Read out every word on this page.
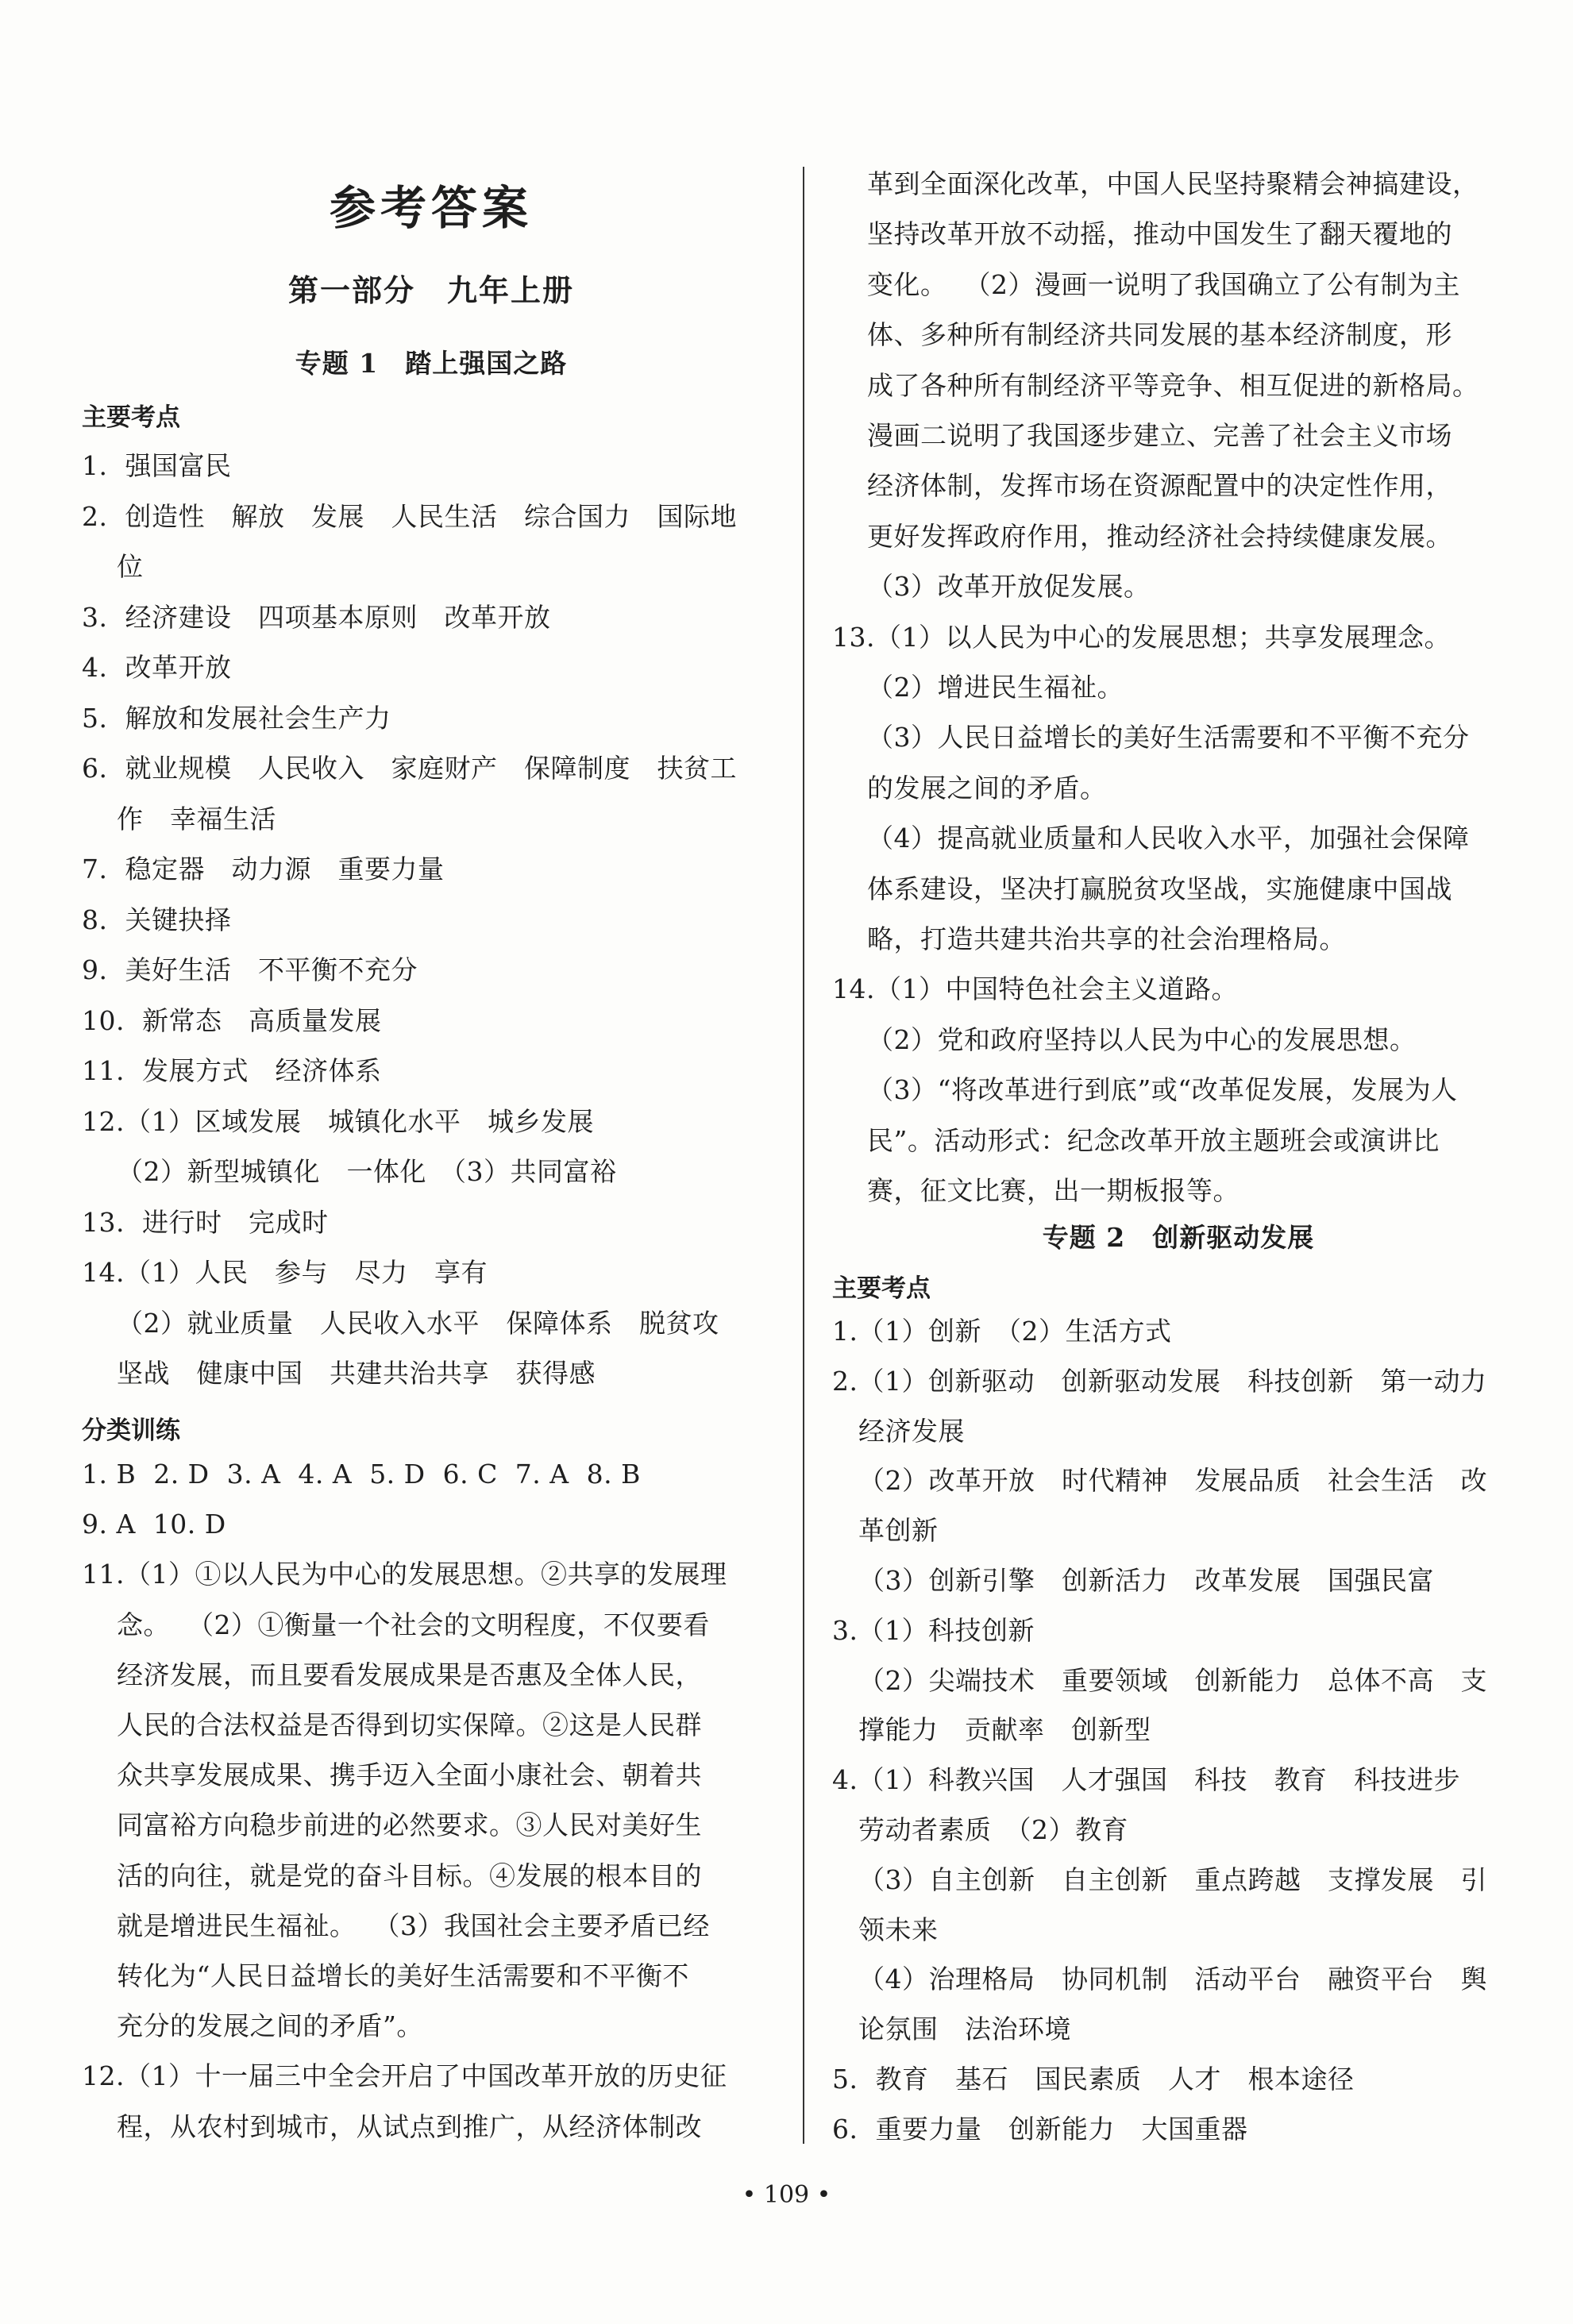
参考答案
第一部分　九年上册
专题 1　踏上强国之路
主要考点
1.  强国富民
2.  创造性　解放　发展　人民生活　综合国力　国际地
位
3.  经济建设　四项基本原则　改革开放
4.  改革开放
5.  解放和发展社会生产力
6.  就业规模　人民收入　家庭财产　保障制度　扶贫工
作　幸福生活
7.  稳定器　动力源　重要力量
8.  关键抉择
9.  美好生活　不平衡不充分
10.  新常态　高质量发展
11.  发展方式　经济体系
12.（1）区域发展　城镇化水平　城乡发展
（2）新型城镇化　一体化　（3）共同富裕
13.  进行时　完成时
14.（1）人民　参与　尽力　享有
（2）就业质量　人民收入水平　保障体系　脱贫攻
坚战　健康中国　共建共治共享　获得感
分类训练
1. B  2. D  3. A  4. A  5. D  6. C  7. A  8. B
9. A  10. D
11.（1）①以人民为中心的发展思想。②共享的发展理
念。  （2）①衡量一个社会的文明程度，不仅要看
经济发展，而且要看发展成果是否惠及全体人民，
人民的合法权益是否得到切实保障。②这是人民群
众共享发展成果、携手迈入全面小康社会、朝着共
同富裕方向稳步前进的必然要求。③人民对美好生
活的向往，就是党的奋斗目标。④发展的根本目的
就是增进民生福祉。  （3）我国社会主要矛盾已经
转化为“人民日益增长的美好生活需要和不平衡不
充分的发展之间的矛盾”。
12.（1）十一届三中全会开启了中国改革开放的历史征
程，从农村到城市，从试点到推广，从经济体制改
革到全面深化改革，中国人民坚持聚精会神搞建设，
坚持改革开放不动摇，推动中国发生了翻天覆地的
变化。  （2）漫画一说明了我国确立了公有制为主
体、多种所有制经济共同发展的基本经济制度，形
成了各种所有制经济平等竞争、相互促进的新格局。
漫画二说明了我国逐步建立、完善了社会主义市场
经济体制，发挥市场在资源配置中的决定性作用，
更好发挥政府作用，推动经济社会持续健康发展。
（3）改革开放促发展。
13.（1）以人民为中心的发展思想；共享发展理念。
（2）增进民生福祉。
（3）人民日益增长的美好生活需要和不平衡不充分
的发展之间的矛盾。
（4）提高就业质量和人民收入水平，加强社会保障
体系建设，坚决打赢脱贫攻坚战，实施健康中国战
略，打造共建共治共享的社会治理格局。
14.（1）中国特色社会主义道路。
（2）党和政府坚持以人民为中心的发展思想。
（3）“将改革进行到底”或“改革促发展，发展为人
民”。活动形式：纪念改革开放主题班会或演讲比
赛，征文比赛，出一期板报等。
专题 2　创新驱动发展
主要考点
1.（1）创新　（2）生活方式
2.（1）创新驱动　创新驱动发展　科技创新　第一动力
经济发展
（2）改革开放　时代精神　发展品质　社会生活　改
革创新
（3）创新引擎　创新活力　改革发展　国强民富
3.（1）科技创新
（2）尖端技术　重要领域　创新能力　总体不高　支
撑能力　贡献率　创新型
4.（1）科教兴国　人才强国　科技　教育　科技进步
劳动者素质　（2）教育
（3）自主创新　自主创新　重点跨越　支撑发展　引
领未来
（4）治理格局　协同机制　活动平台　融资平台　舆
论氛围　法治环境
5.  教育　基石　国民素质　人才　根本途径
6.  重要力量　创新能力　大国重器
• 109 •
